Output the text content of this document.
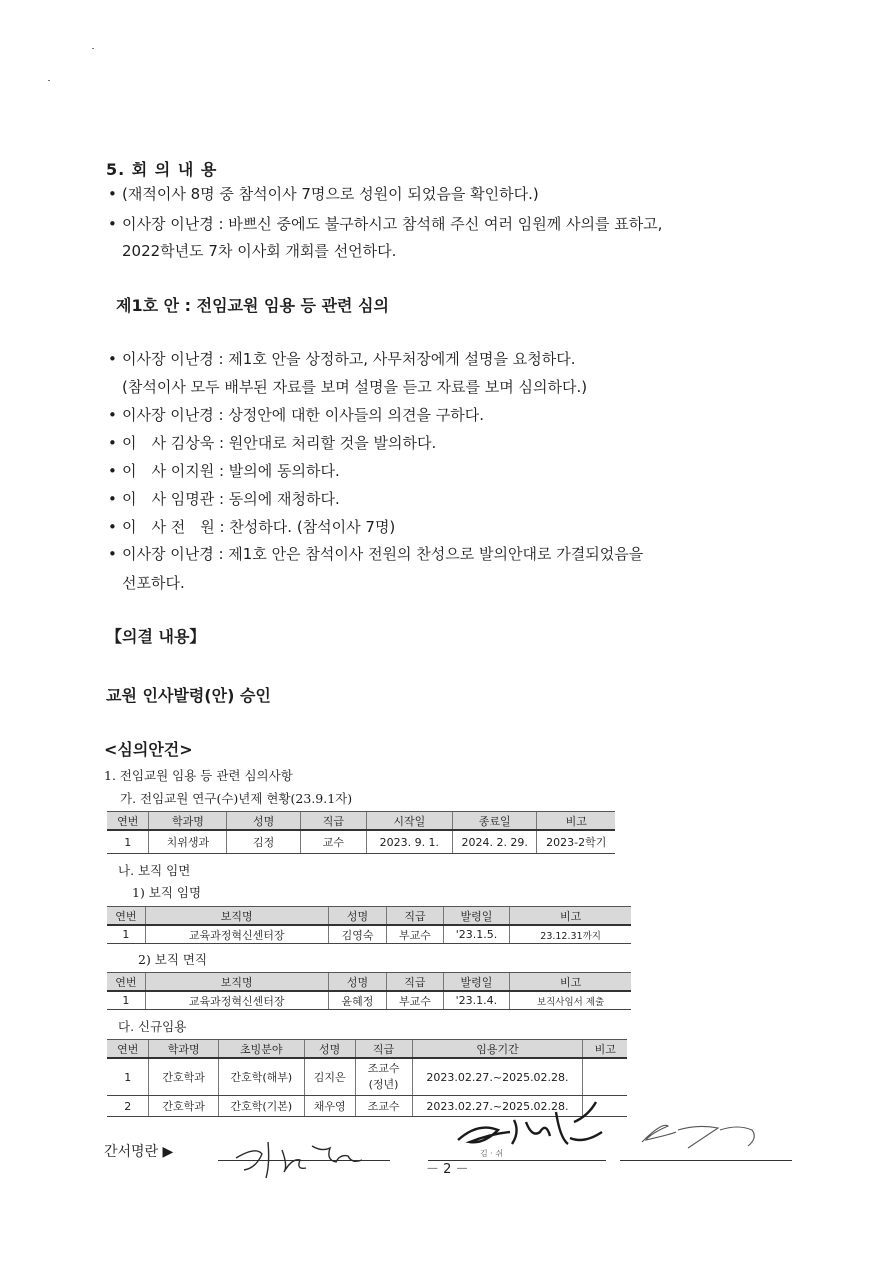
5. 회 의 내 용
• (재적이사 8명 중 참석이사 7명으로 성원이 되었음을 확인하다.)
• 이사장 이난경 : 바쁘신 중에도 불구하시고 참석해 주신 여러 임원께 사의를 표하고,
2022학년도 7차 이사회 개회를 선언하다.
제1호 안 : 전임교원 임용 등 관련 심의
• 이사장 이난경 : 제1호 안을 상정하고, 사무처장에게 설명을 요청하다.
(참석이사 모두 배부된 자료를 보며 설명을 듣고 자료를 보며 심의하다.)
• 이사장 이난경 : 상정안에 대한 이사들의 의견을 구하다.
• 이　사 김상욱 : 원안대로 처리할 것을 발의하다.
• 이　사 이지원 : 발의에 동의하다.
• 이　사 임명관 : 동의에 재청하다.
• 이　사 전　원 : 찬성하다. (참석이사 7명)
• 이사장 이난경 : 제1호 안은 참석이사 전원의 찬성으로 발의안대로 가결되었음을
선포하다.
【의결 내용】
교원 인사발령(안) 승인
<심의안건>
1. 전임교원 임용 등 관련 심의사항
가. 전임교원 연구(수)년제 현황(23.9.1자)
연번	학과명	성명	직급	시작일	종료일	비고
1	치위생과	김정	교수	2023. 9. 1.	2024. 2. 29.	2023-2학기
나. 보직 임면
1) 보직 임명
연번	보직명	성명	직급	발령일	비고
1	교육과정혁신센터장	김영숙	부교수	'23.1.5.	23.12.31까지
2) 보직 면직
연번	보직명	성명	직급	발령일	비고
1	교육과정혁신센터장	윤혜정	부교수	'23.1.4.	보직사임서 제출
다. 신규임용
연번	학과명	초빙분야	성명	직급	임용기간	비고
1	간호학과	간호학(해부)	김지은	조교수
(정년)	2023.02.27.~2025.02.28.	
2	간호학과	간호학(기본)	채우영	조교수	2023.02.27.~2025.02.28.	
간서명란 ▶	김 · 쉬
－ 2 －
